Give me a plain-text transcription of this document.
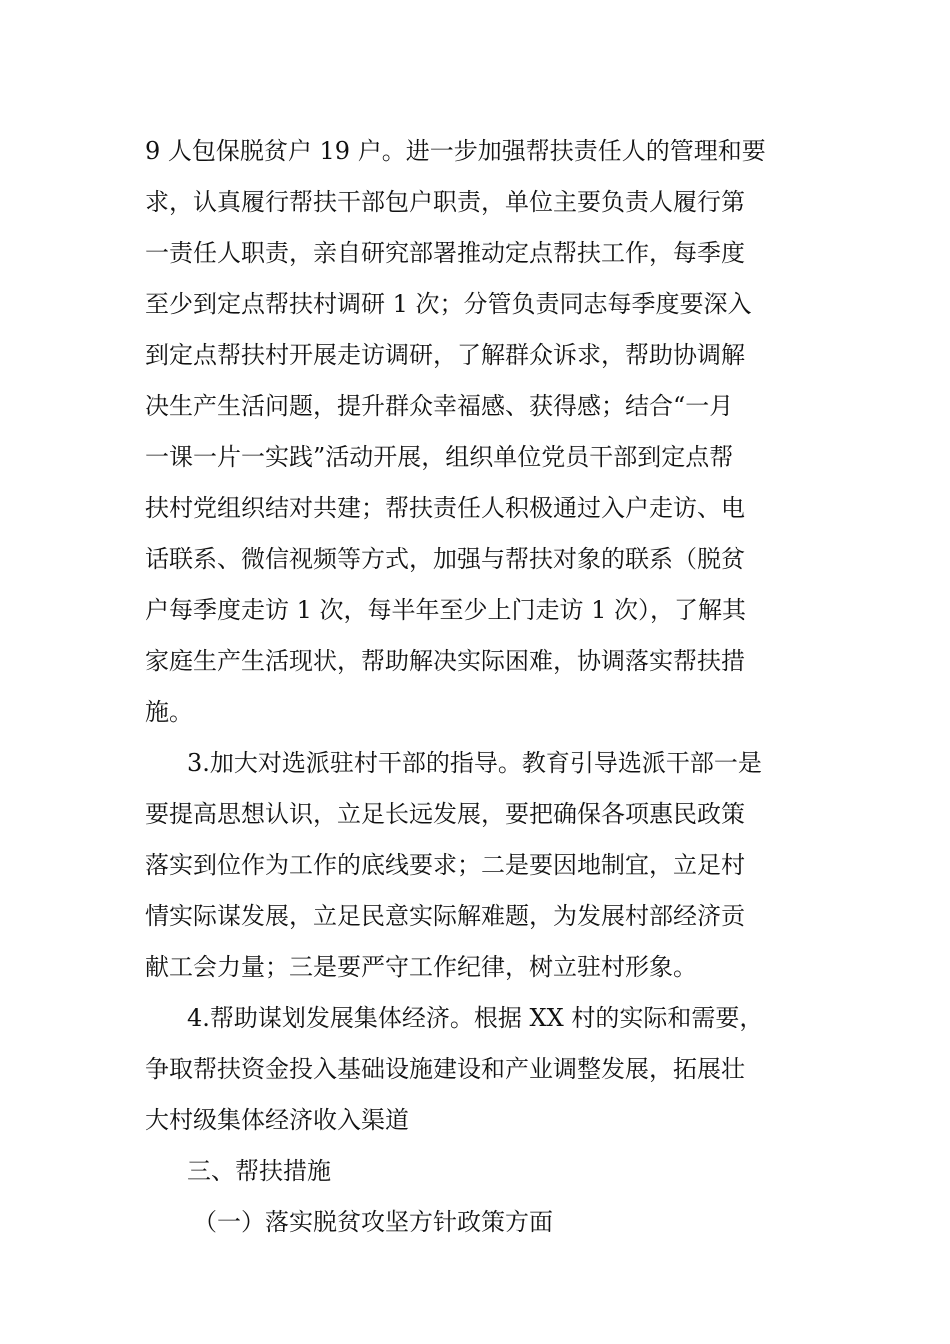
9 人包保脱贫户 19 户。进一步加强帮扶责任人的管理和要
求，认真履行帮扶干部包户职责，单位主要负责人履行第
一责任人职责，亲自研究部署推动定点帮扶工作，每季度
至少到定点帮扶村调研 1 次；分管负责同志每季度要深入
到定点帮扶村开展走访调研，了解群众诉求，帮助协调解
决生产生活问题，提升群众幸福感、获得感；结合“一月
一课一片一实践”活动开展，组织单位党员干部到定点帮
扶村党组织结对共建；帮扶责任人积极通过入户走访、电
话联系、微信视频等方式，加强与帮扶对象的联系（脱贫
户每季度走访 1 次，每半年至少上门走访 1 次），了解其
家庭生产生活现状，帮助解决实际困难，协调落实帮扶措
施。
3.加大对选派驻村干部的指导。教育引导选派干部一是
要提高思想认识，立足长远发展，要把确保各项惠民政策
落实到位作为工作的底线要求；二是要因地制宜，立足村
情实际谋发展，立足民意实际解难题，为发展村部经济贡
献工会力量；三是要严守工作纪律，树立驻村形象。
4.帮助谋划发展集体经济。根据 XX 村的实际和需要，
争取帮扶资金投入基础设施建设和产业调整发展，拓展壮
大村级集体经济收入渠道
三、帮扶措施
（一）落实脱贫攻坚方针政策方面
